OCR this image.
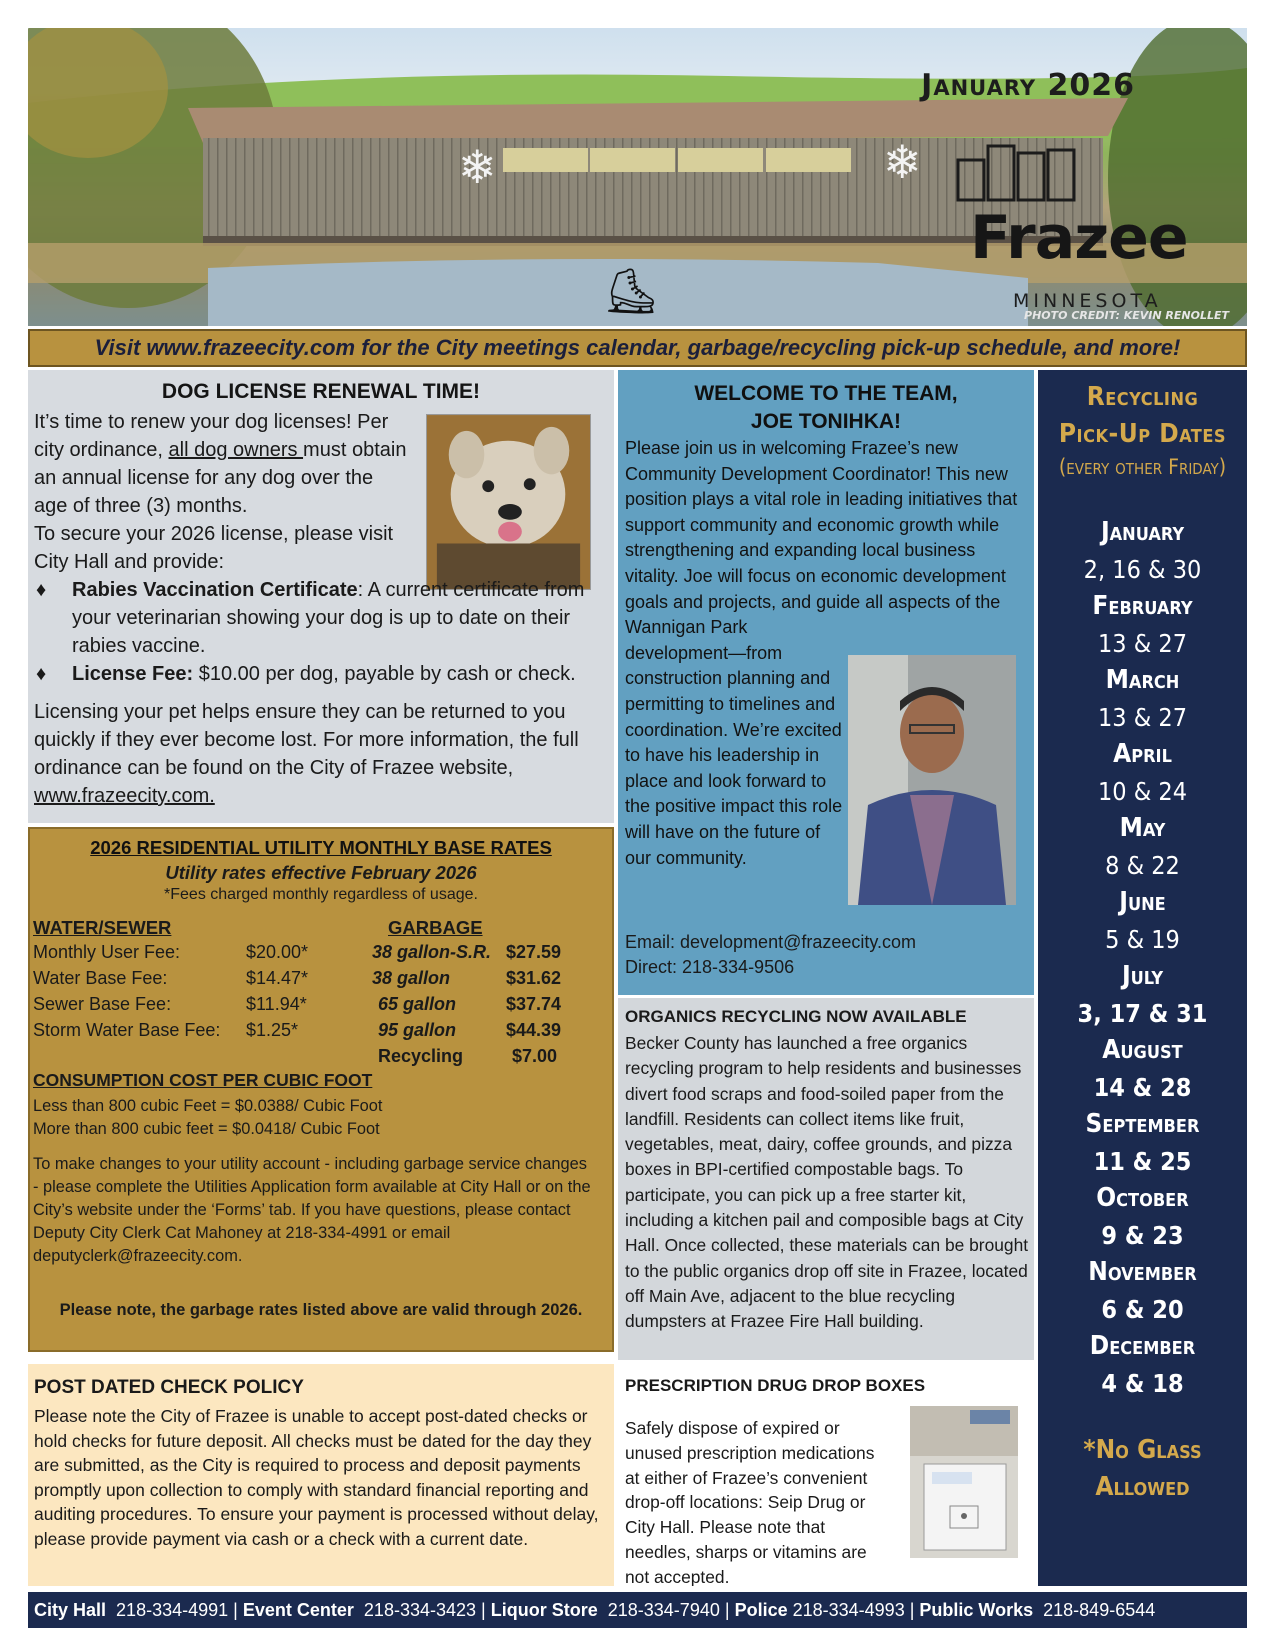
❄	❄
⛸
January 2026
Frazee
MINNESOTA
PHOTO CREDIT: KEVIN RENOLLET
Visit www.frazeecity.com for the City meetings calendar, garbage/recycling pick-up schedule, and more!
DOG LICENSE RENEWAL TIME!
It’s time to renew your dog licenses! Per city ordinance, all dog owners must obtain an annual license for any dog over the age of three (3) months.
To secure your 2026 license, please visit City Hall and provide:
♦ Rabies Vaccination Certificate: A current certificate from your veterinarian showing your dog is up to date on their rabies vaccine.
♦ License Fee: $10.00 per dog, payable by cash or check.
Licensing your pet helps ensure they can be returned to you quickly if they ever become lost. For more information, the full ordinance can be found on the City of Frazee website,
www.frazeecity.com.
WELCOME TO THE TEAM,
JOE TONIHKA!
Please join us in welcoming Frazee’s new Community Development Coordinator! This new position plays a vital role in leading initiatives that support community and economic growth while strengthening and expanding local business vitality. Joe will focus on economic development goals and projects, and guide all aspects of the Wannigan Park
development—from construction planning and permitting to timelines and coordination. We’re excited to have his leadership in place and look forward to the positive impact this role will have on the future of our community.
Email: development@frazeecity.com
Direct: 218-334-9506
ORGANICS RECYCLING NOW AVAILABLE
Becker County has launched a free organics recycling program to help residents and businesses divert food scraps and food-soiled paper from the landfill. Residents can collect items like fruit, vegetables, meat, dairy, coffee grounds, and pizza boxes in BPI-certified compostable bags. To participate, you can pick up a free starter kit, including a kitchen pail and composible bags at City Hall. Once collected, these materials can be brought to the public organics drop off site in Frazee, located off Main Ave, adjacent to the blue recycling dumpsters at Frazee Fire Hall building.
PRESCRIPTION DRUG DROP BOXES
Safely dispose of expired or unused prescription medications at either of Frazee’s convenient drop-off locations: Seip Drug or City Hall. Please note that needles, sharps or vitamins are not accepted.
2026 RESIDENTIAL UTILITY MONTHLY BASE RATES
Utility rates effective February 2026
*Fees charged monthly regardless of usage.
WATER/SEWER	GARBAGE
Monthly User Fee:	$20.00*
Water Base Fee:	$14.47*
Sewer Base Fee:	$11.94*
Storm Water Base Fee: $1.25*
38 gallon-S.R. $27.59
38 gallon	$31.62
65 gallon	$37.74
95 gallon	$44.39
Recycling	$7.00
CONSUMPTION COST PER CUBIC FOOT
Less than 800 cubic Feet = $0.0388/ Cubic Foot
More than 800 cubic feet = $0.0418/ Cubic Foot
To make changes to your utility account - including garbage service changes - please complete the Utilities Application form available at City Hall or on the City’s website under the ‘Forms’ tab. If you have questions, please contact Deputy City Clerk Cat Mahoney at 218-334-4991 or email deputyclerk@frazeecity.com.
Please note, the garbage rates listed above are valid through 2026.
POST DATED CHECK POLICY
Please note the City of Frazee is unable to accept post-dated checks or hold checks for future deposit. All checks must be dated for the day they are submitted, as the City is required to process and deposit payments promptly upon collection to comply with standard financial reporting and auditing procedures. To ensure your payment is processed without delay, please provide payment via cash or a check with a current date.
Recycling
Pick-Up Dates
(every other Friday)
January
2, 16 & 30
February
13 & 27
March
13 & 27
April
10 & 24
May
8 & 22
June
5 & 19
July
3, 17 & 31
August
14 & 28
September
11 & 25
October
9 & 23
November
6 & 20
December
4 & 18
*No Glass
Allowed
City Hall 218-334-4991 | Event Center 218-334-3423 | Liquor Store 218-334-7940 | Police 218-334-4993 | Public Works 218-849-6544
